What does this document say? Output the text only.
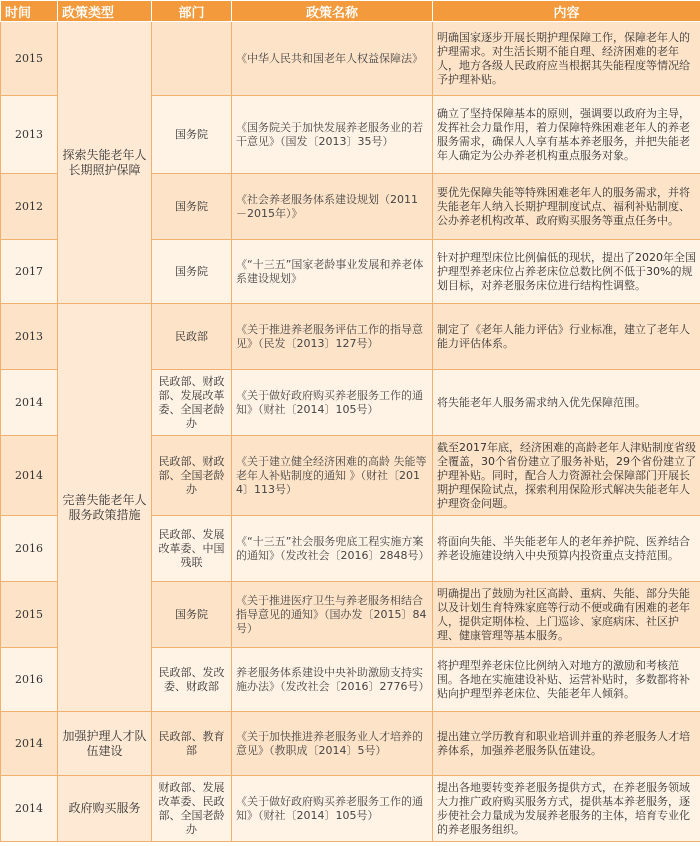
时间	政策类型	部门	政策名称	内容
2015	探索失能老年人长期照护保障		《中华人民共和国老年人权益保障法》	明确国家逐步开展长期护理保障工作，保障老年人的护理需求。对生活长期不能自理、经济困难的老年人，地方各级人民政府应当根据其失能程度等情况给予护理补贴。
2013		国务院	《国务院关于加快发展养老服务业的若干意见》（国发〔2013〕35号）	确立了坚持保障基本的原则，强调要以政府为主导，发挥社会力量作用，着力保障特殊困难老年人的养老服务需求，确保人人享有基本养老服务，并把失能老年人确定为公办养老机构重点服务对象。
2012		国务院	《社会养老服务体系建设规划（2011－2015年）》	要优先保障失能等特殊困难老年人的服务需求，并将失能老年人纳入长期护理制度试点、福利补贴制度、公办养老机构改革、政府购买服务等重点任务中。
2017		国务院	《“十三五”国家老龄事业发展和养老体系建设规划》	针对护理型床位比例偏低的现状，提出了2020年全国护理型养老床位占养老床位总数比例不低于30%的规划目标，对养老服务床位进行结构性调整。
2013	完善失能老年人服务政策措施	民政部	《关于推进养老服务评估工作的指导意见》（民发〔2013〕127号）	制定了《老年人能力评估》行业标准，建立了老年人能力评估体系。
2014		民政部、财政部、发展改革委、全国老龄办	《关于做好政府购买养老服务工作的通知》（财社〔2014〕105号）	将失能老年人服务需求纳入优先保障范围。
2014		民政部、财政部、全国老龄办	《关于建立健全经济困难的高龄 失能等老年人补贴制度的通知 》（财社〔2014〕113号）	截至2017年底，经济困难的高龄老年人津贴制度省级全覆盖，30个省份建立了服务补贴，29个省份建立了护理补贴。同时，配合人力资源社会保障部门开展长期护理保险试点，探索利用保险形式解决失能老年人护理资金问题。
2016		民政部、发展改革委、中国残联	《“十三五”社会服务兜底工程实施方案的通知》（发改社会〔2016〕2848号）	将面向失能、半失能老年人的老年养护院、医养结合养老设施建设纳入中央预算内投资重点支持范围。
2015		国务院	《关于推进医疗卫生与养老服务相结合指导意见的通知》（国办发〔2015〕84号）	明确提出了鼓励为社区高龄、重病、失能、部分失能以及计划生育特殊家庭等行动不便或确有困难的老年人，提供定期体检、上门巡诊、家庭病床、社区护理、健康管理等基本服务。
2016		民政部、发改委、财政部	养老服务体系建设中央补助激励支持实施办法》（发改社会〔2016〕2776号）	将护理型养老床位比例纳入对地方的激励和考核范围。各地在实施建设补贴、运营补贴时，多数都将补贴向护理型养老床位、失能老年人倾斜。
2014	加强护理人才队伍建设	民政部、教育部	《关于加快推进养老服务业人才培养的意见》（教职成〔2014〕5号）	提出建立学历教育和职业培训并重的养老服务人才培养体系，加强养老服务队伍建设。
2014	政府购买服务	财政部、发展改革委、民政部、全国老龄办	《关于做好政府购买养老服务工作的通知》（财社〔2014〕105号）	提出各地要转变养老服务提供方式，在养老服务领域大力推广政府购买服务方式，提供基本养老服务，逐步使社会力量成为发展养老服务的主体，培育专业化的养老服务组织。
